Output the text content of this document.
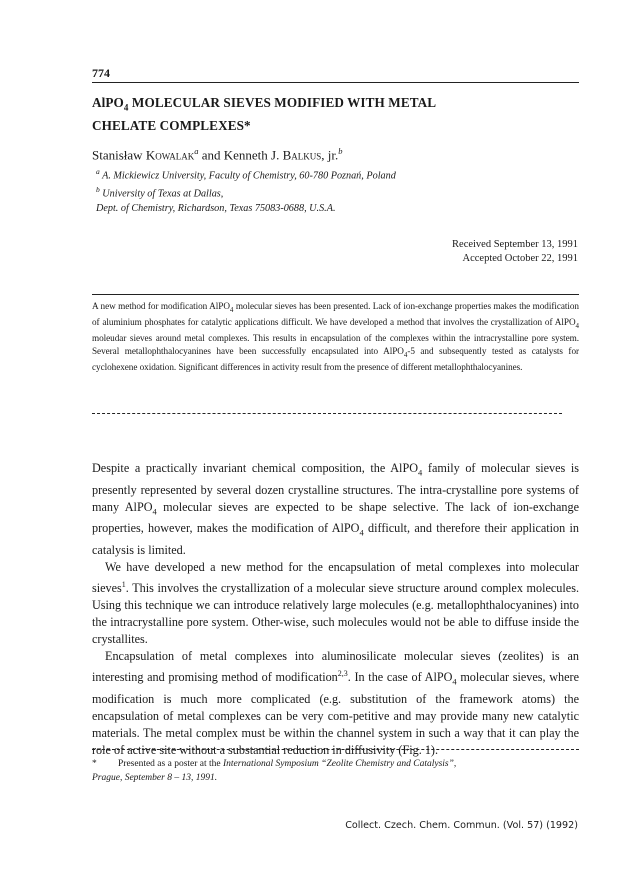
774
AlPO$_4$ MOLECULAR SIEVES MODIFIED WITH METAL
CHELATE COMPLEXES*
Stanisław Kowalak$^a$ and Kenneth J. Balkus, jr.$^b$
$^a$ A. Mickiewicz University, Faculty of Chemistry, 60-780 Poznań, Poland
$^b$ University of Texas at Dallas,
Dept. of Chemistry, Richardson, Texas 75083-0688, U.S.A.
Received September 13, 1991
Accepted October 22, 1991
A new method for modification AlPO$_4$ molecular sieves has been presented. Lack of ion-exchange properties makes the modification of aluminium phosphates for catalytic applications difficult. We have developed a method that involves the crystallization of AlPO$_4$ moleudar sieves around metal complexes. This results in encapsulation of the complexes within the intracrystalline pore system. Several metallophthalocyanines have been successfully encapsulated into AlPO$_4$-5 and subsequently tested as catalysts for cyclohexene oxidation. Significant differences in activity result from the presence of different metallophthalocyanines.

Despite a practically invariant chemical composition, the AlPO$_4$ family of molecular sieves is presently represented by several dozen crystalline structures. The intra-crystalline pore systems of many AlPO$_4$ molecular sieves are expected to be shape selective. The lack of ion-exchange properties, however, makes the modification of AlPO$_4$ difficult, and therefore their application in catalysis is limited.

We have developed a new method for the encapsulation of metal complexes into molecular sieves$^1$. This involves the crystallization of a molecular sieve structure around complex molecules. Using this technique we can introduce relatively large molecules (e.g. metallophthalocyanines) into the intracrystalline pore system. Other-wise, such molecules would not be able to diffuse inside the crystallites.

Encapsulation of metal complexes into aluminosilicate molecular sieves (zeolites) is an interesting and promising method of modification$^{2,3}$. In the case of AlPO$_4$ molecular sieves, where modification is much more complicated (e.g. substitution of the framework atoms) the encapsulation of metal complexes can be very com-petitive and may provide many new catalytic materials. The metal complex must be within the channel system in such a way that it can play the role of active site without a substantial reduction in diffusivity (Fig. 1).

* Presented as a poster at the International Symposium “Zeolite Chemistry and Catalysis”,
Prague, September 8 – 13, 1991.
Collect. Czech. Chem. Commun. (Vol. 57) (1992)
